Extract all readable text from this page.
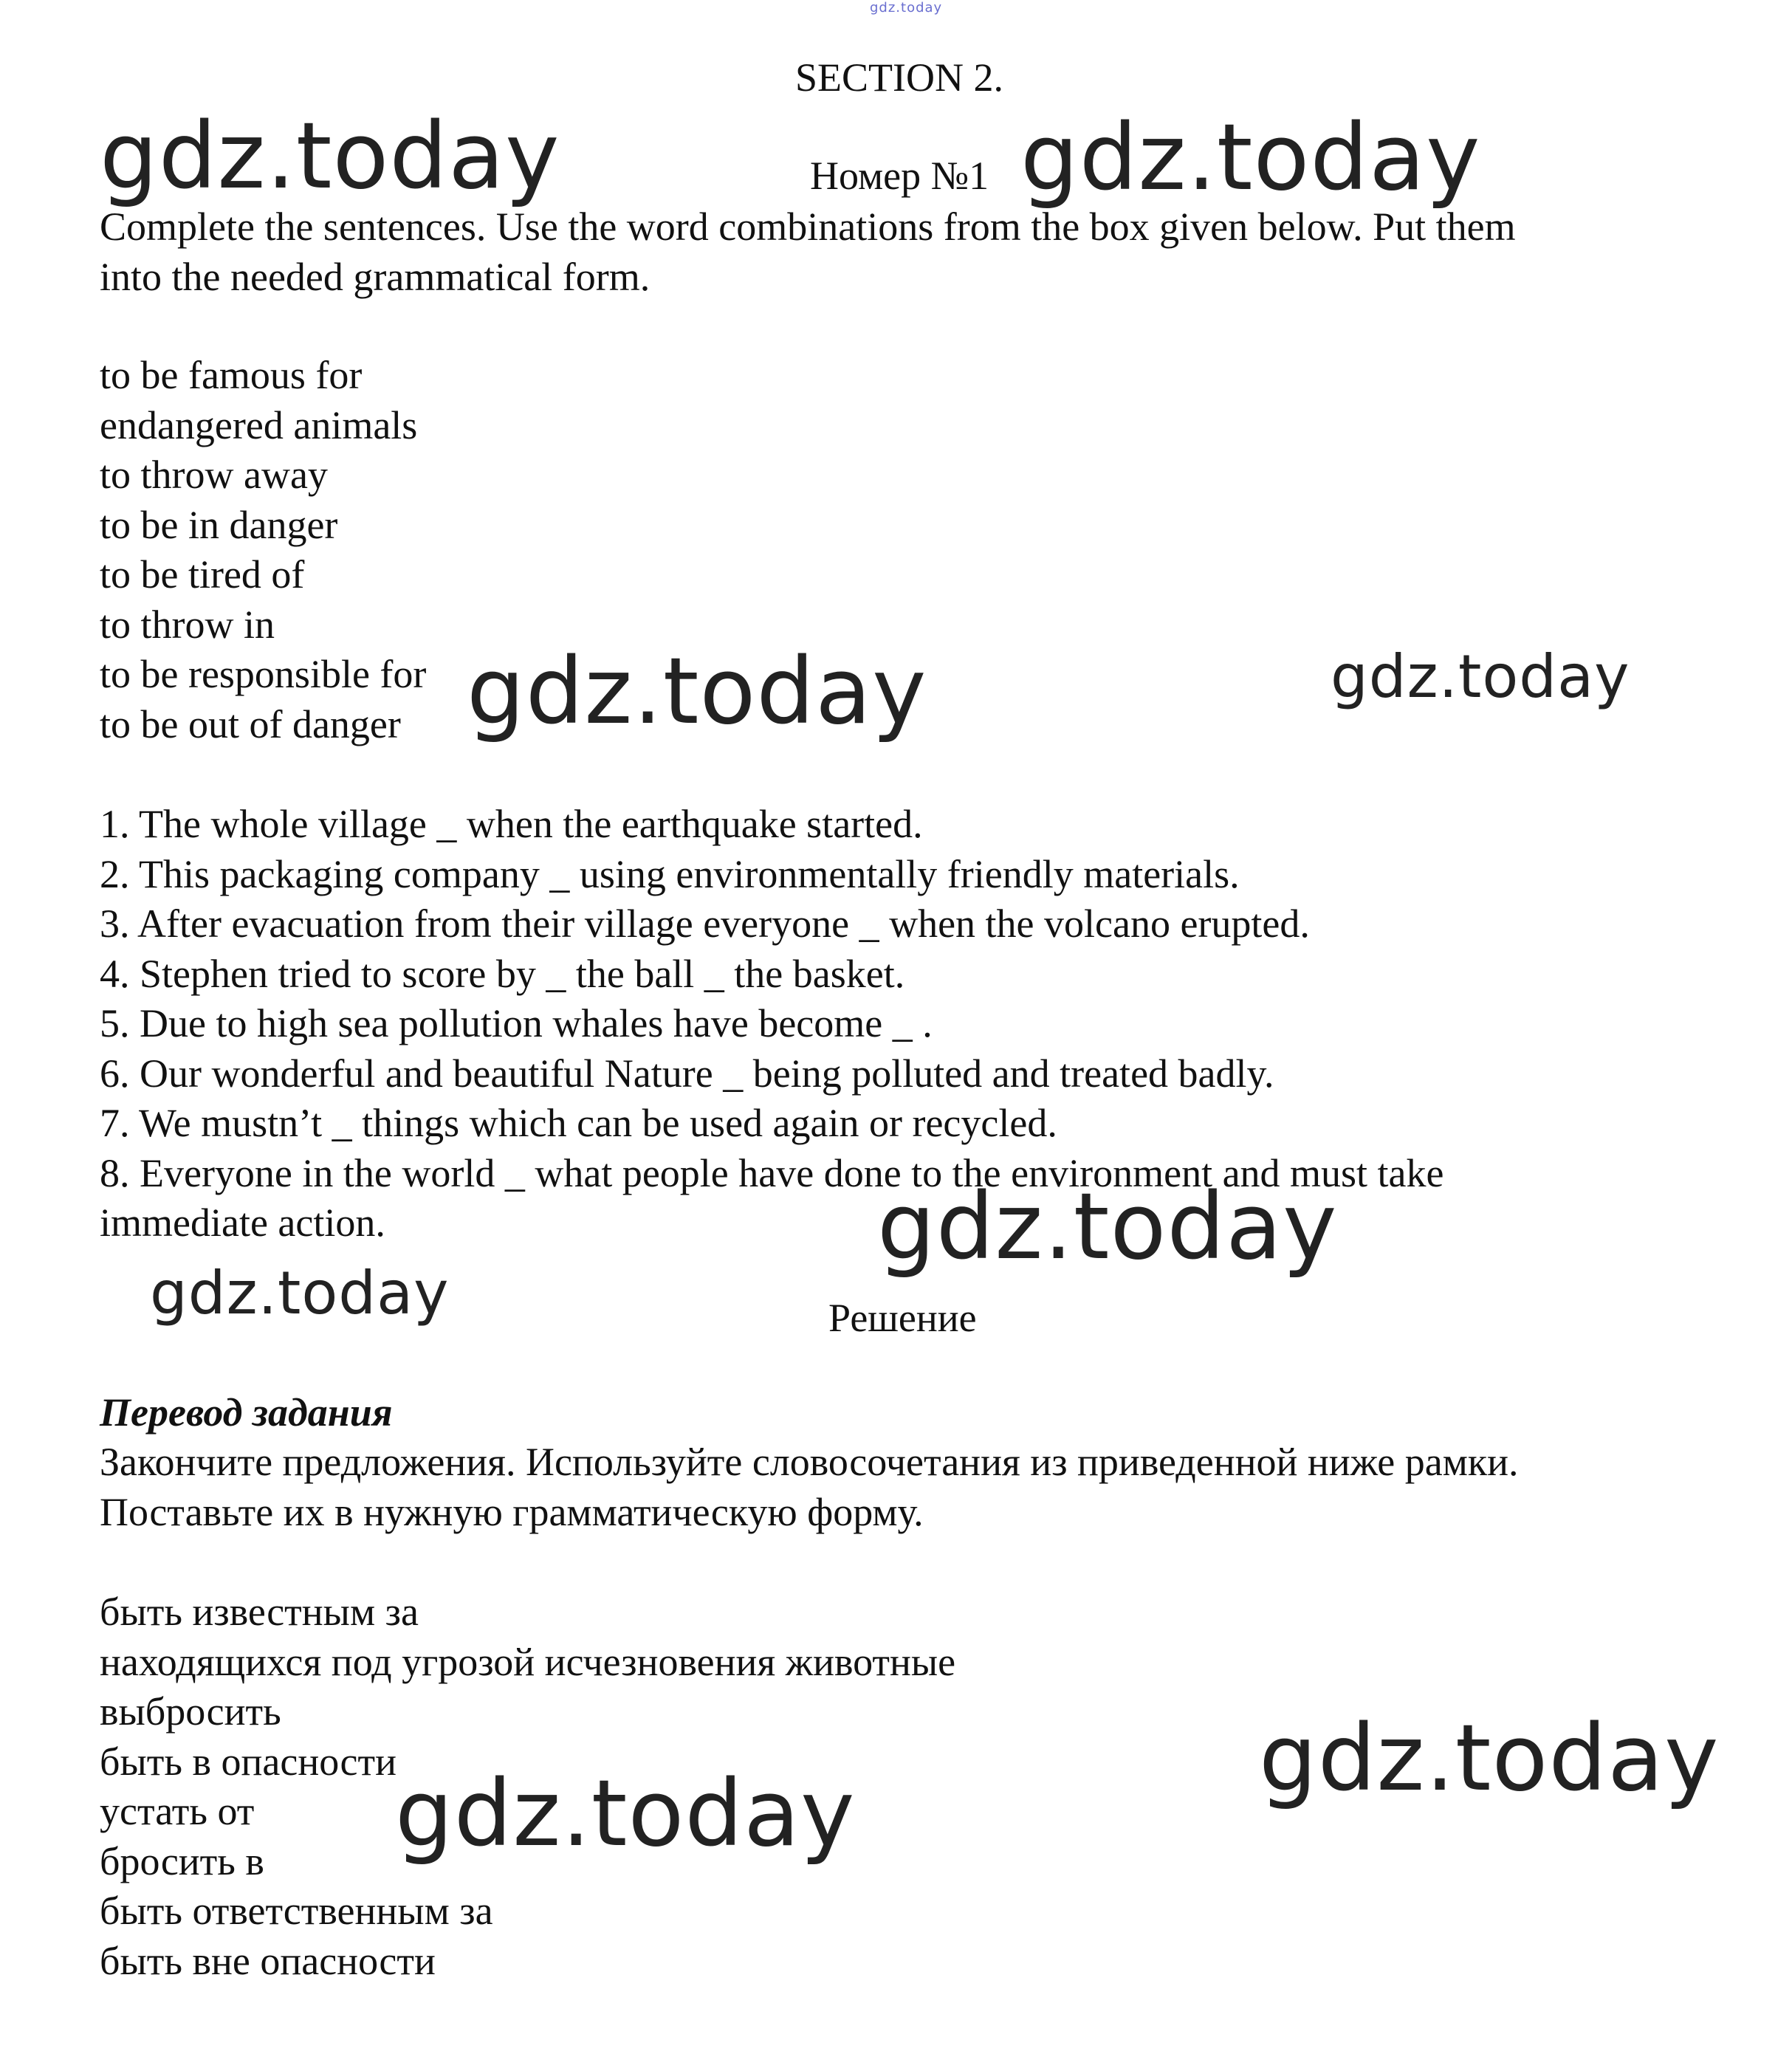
gdz.today
SECTION 2.
Номер №1
gdz.today	gdz.today
Complete the sentences. Use the word combinations from the box given below. Put them
into the needed grammatical form.
to be famous for
endangered animals
to throw away
to be in danger
to be tired of
to throw in
to be responsible for
to be out of danger gdz.today	gdz.today
1. The whole village _ when the earthquake started.
2. This packaging company _ using environmentally friendly materials.
3. After evacuation from their village everyone _ when the volcano erupted.
4. Stephen tried to score by _ the ball _ the basket.
5. Due to high sea pollution whales have become _ .
6. Our wonderful and beautiful Nature _ being polluted and treated badly.
7. We mustn’t _ things which can be used again or recycled.
8. Everyone in the world _ what people have done to the environment and must take
immediate action.	gdz.today
gdz.today	Решение
Перевод задания
Закончите предложения. Используйте словосочетания из приведенной ниже рамки.
Поставьте их в нужную грамматическую форму.
быть известным за
находящихся под угрозой исчезновения животные
выбросить
быть в опасности
устать от
бросить в
быть ответственным за
быть вне опасности
gdz.today
gdz.today
